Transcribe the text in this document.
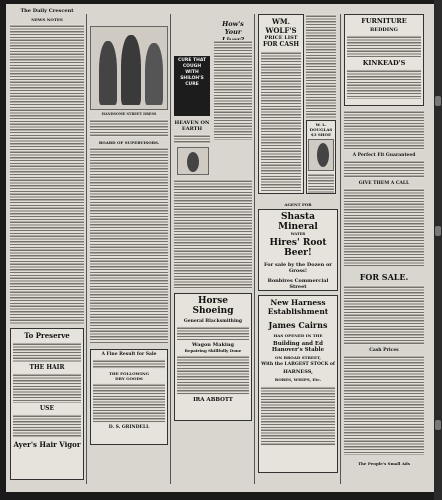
The Daily Crescent
NEWS NOTES
To Preserve
THE HAIR
USE
Ayer's Hair Vigor
HANDSOME STREET DRESS
BOARD OF SUPERVISORS.
A Fine Result for Sale
THE FOLLOWING
DRY GOODS
D. S. GRINDELL
How's Your
CURE THAT COUGH WITH SHILOH'S CURE
HEAVEN ON EARTH
Horse Shoeing
General Blacksmithing
Wagon Making
Repairing Skillfully Done
IRA ABBOTT
WM. WOLF'S
PRICE LIST
FOR CASH
W. L. DOUGLAS
$3 SHOE
AGENT FOR
Shasta Mineral
WATER
Hires' Root Beer!
For sale by the Dozen or Gross!
Bonbires Commercial Street
New Harness Establishment
James Cairns
HAS OPENED IN THE
Building and Ed Hanover's Stable
ON BROAD STREET,
With the LARGEST STOCK of
HARNESS,
ROBES, WHIPS, Etc.
FURNITURE
BEDDING
KINKEAD'S
A Perfect Fit Guaranteed
GIVE THEM A CALL
FOR SALE.
Cash Prices
The People's Small Ads
